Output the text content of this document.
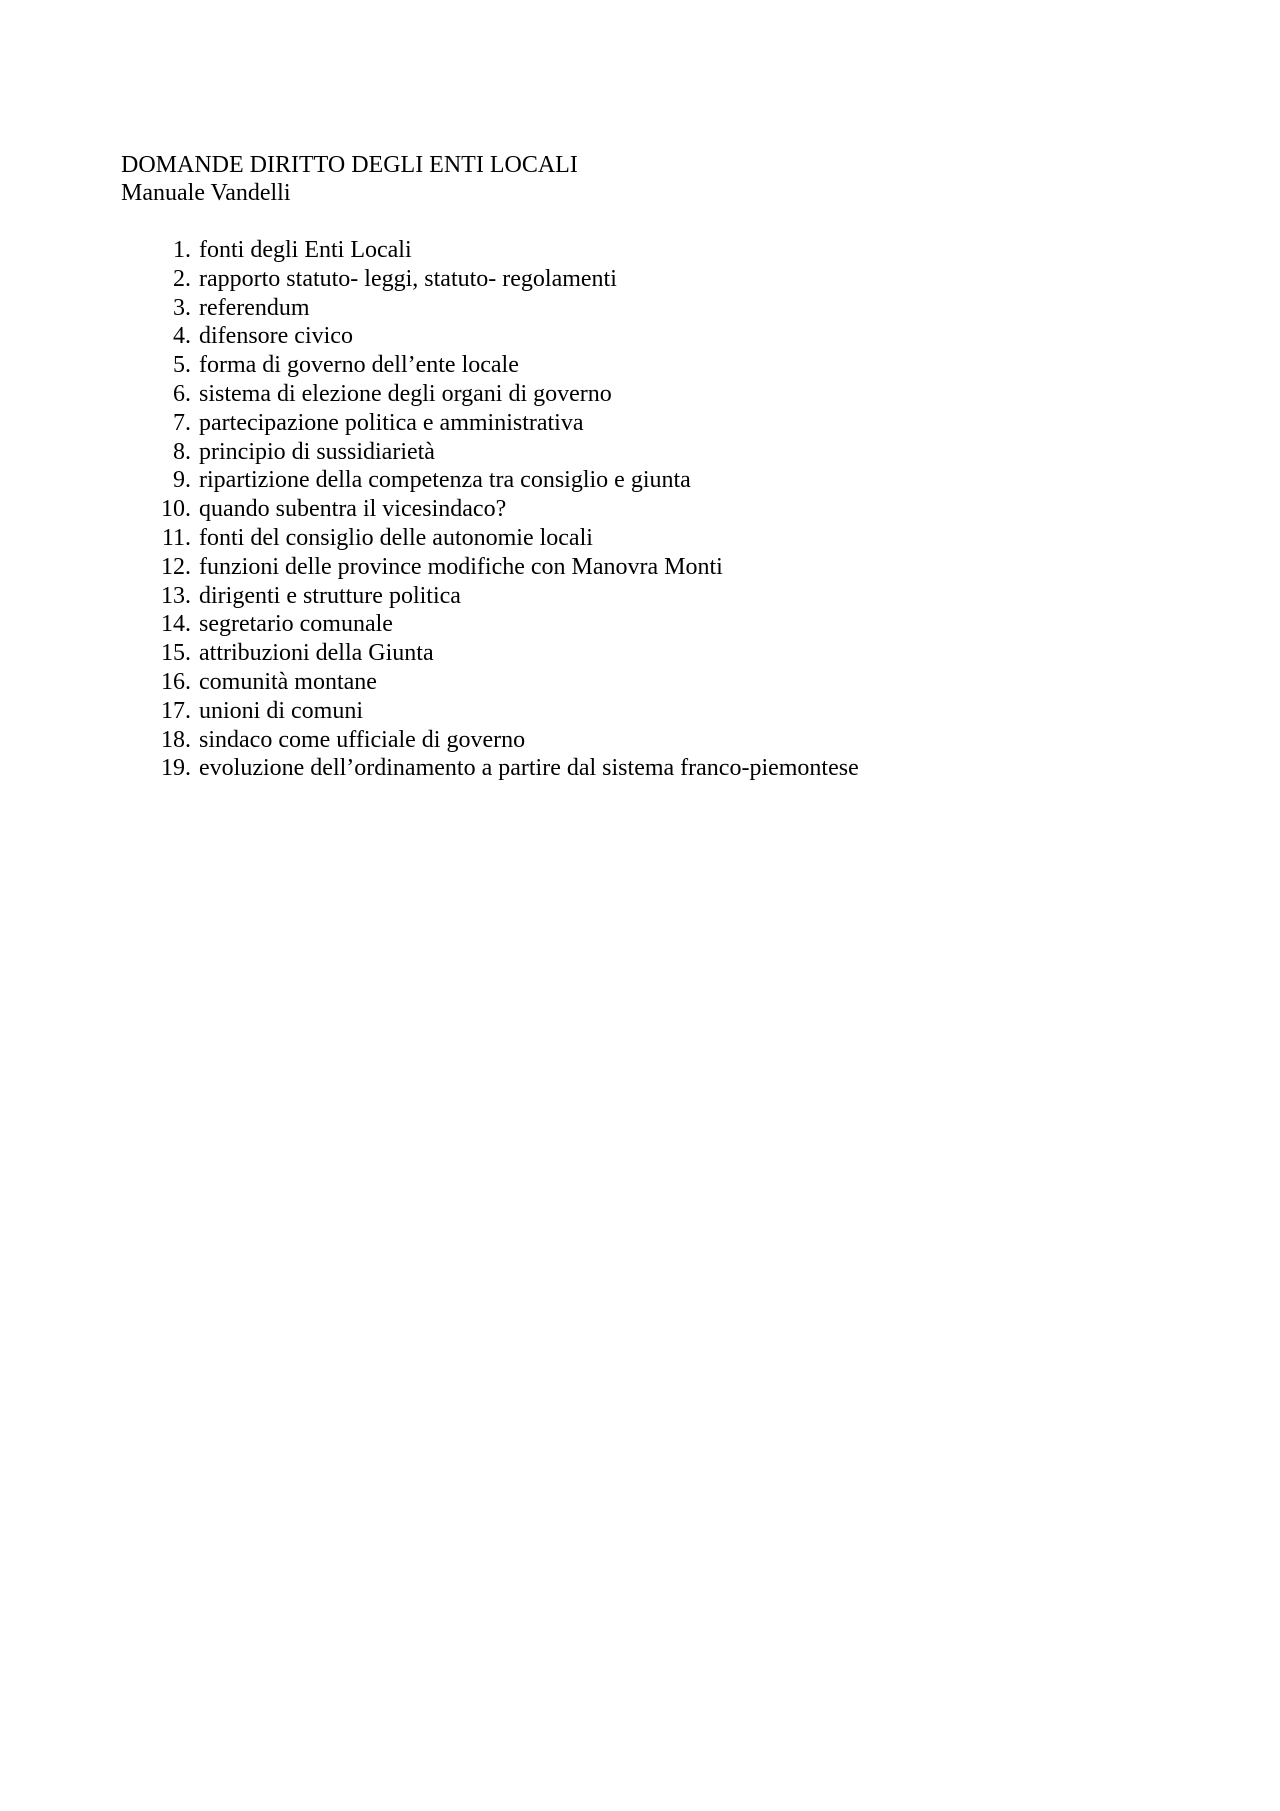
DOMANDE DIRITTO DEGLI ENTI LOCALI
Manuale Vandelli
1. fonti degli Enti Locali
2. rapporto statuto- leggi, statuto- regolamenti
3. referendum
4. difensore civico
5. forma di governo dell’ente locale
6. sistema di elezione degli organi di governo
7. partecipazione politica e amministrativa
8. principio di sussidiarietà
9. ripartizione della competenza tra consiglio e giunta
10. quando subentra il vicesindaco?
11. fonti del consiglio delle autonomie locali
12. funzioni delle province modifiche con Manovra Monti
13. dirigenti e strutture politica
14. segretario comunale
15. attribuzioni della Giunta
16. comunità montane
17. unioni di comuni
18. sindaco come ufficiale di governo
19. evoluzione dell’ordinamento a partire dal sistema franco-piemontese
